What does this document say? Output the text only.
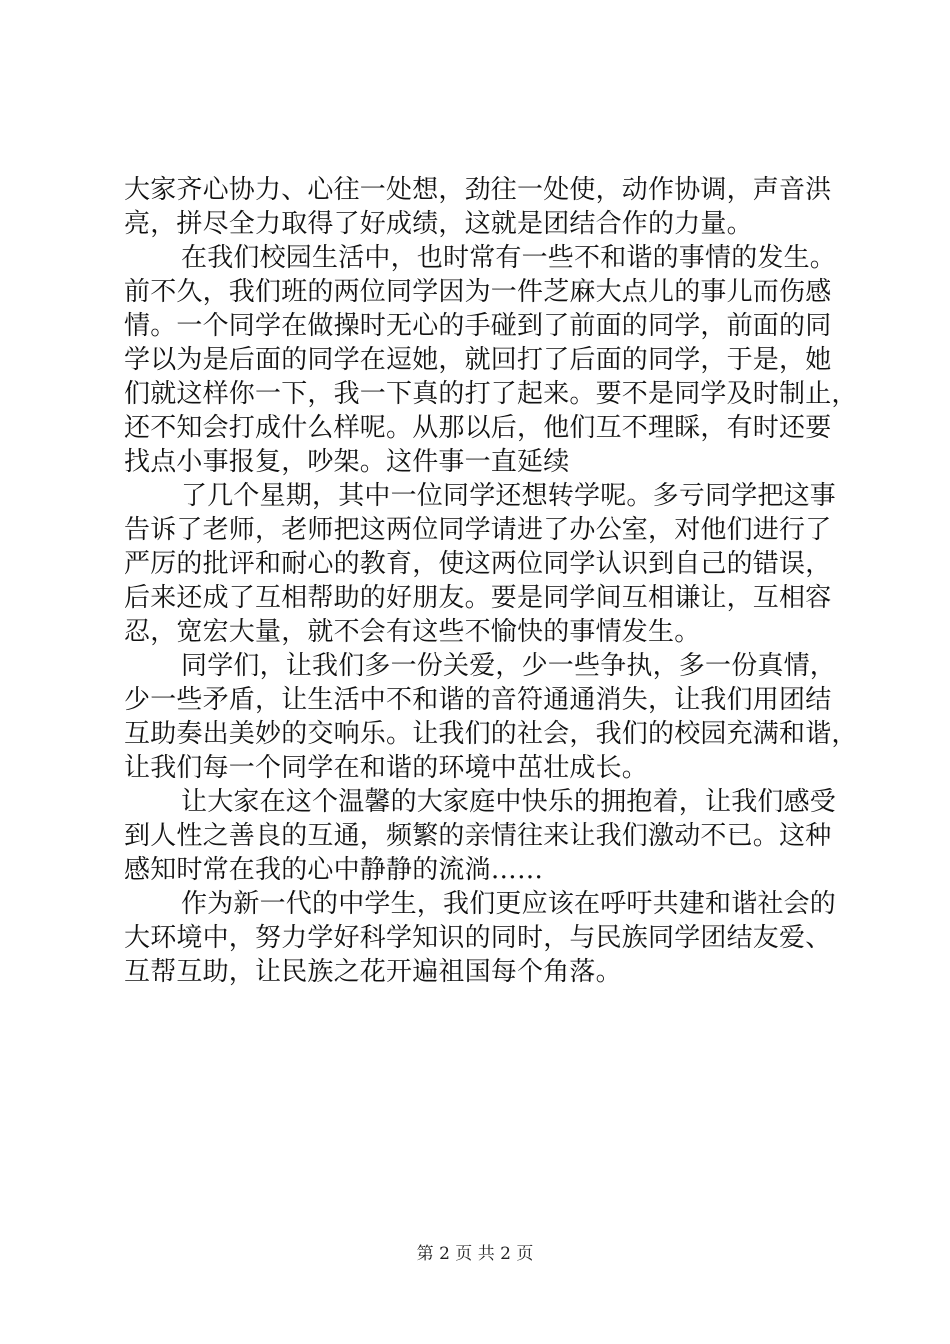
大家齐心协力、心往一处想，劲往一处使，动作协调，声音洪
亮，拼尽全力取得了好成绩，这就是团结合作的力量。
在我们校园生活中，也时常有一些不和谐的事情的发生。
前不久，我们班的两位同学因为一件芝麻大点儿的事儿而伤感
情。一个同学在做操时无心的手碰到了前面的同学，前面的同
学以为是后面的同学在逗她，就回打了后面的同学，于是，她
们就这样你一下，我一下真的打了起来。要不是同学及时制止，
还不知会打成什么样呢。从那以后，他们互不理睬，有时还要
找点小事报复，吵架。这件事一直延续
了几个星期，其中一位同学还想转学呢。多亏同学把这事
告诉了老师，老师把这两位同学请进了办公室，对他们进行了
严厉的批评和耐心的教育，使这两位同学认识到自己的错误，
后来还成了互相帮助的好朋友。要是同学间互相谦让，互相容
忍，宽宏大量，就不会有这些不愉快的事情发生。
同学们，让我们多一份关爱，少一些争执，多一份真情，
少一些矛盾，让生活中不和谐的音符通通消失，让我们用团结
互助奏出美妙的交响乐。让我们的社会，我们的校园充满和谐，
让我们每一个同学在和谐的环境中茁壮成长。
让大家在这个温馨的大家庭中快乐的拥抱着，让我们感受
到人性之善良的互通，频繁的亲情往来让我们激动不已。这种
感知时常在我的心中静静的流淌……
作为新一代的中学生，我们更应该在呼吁共建和谐社会的
大环境中，努力学好科学知识的同时，与民族同学团结友爱、
互帮互助，让民族之花开遍祖国每个角落。
第 2 页 共 2 页
